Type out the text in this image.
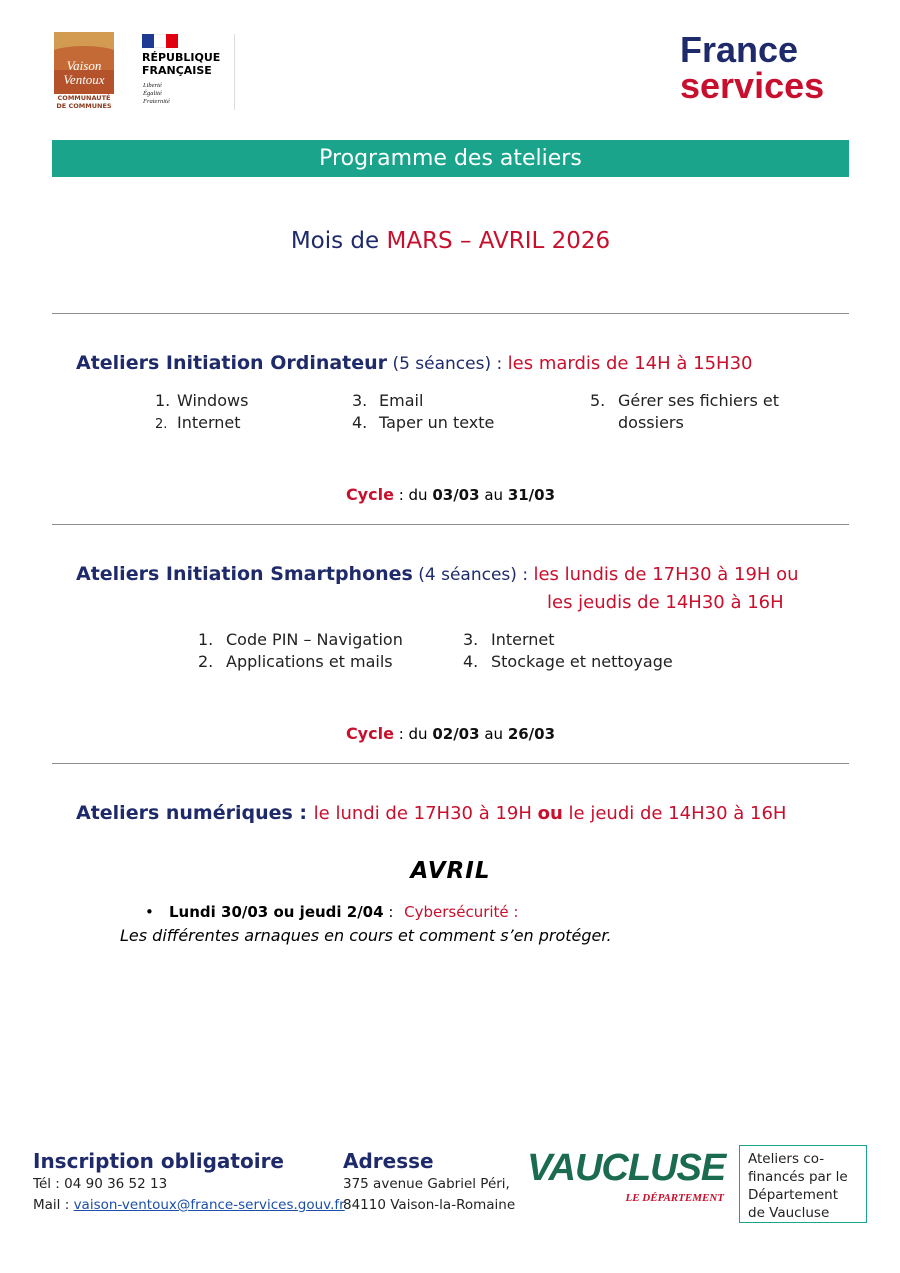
Vaison
Ventoux
COMMUNAUTÉ
DE COMMUNES
RÉPUBLIQUE
FRANÇAISE
Liberté
Égalité
Fraternité
France
services
Programme des ateliers
Mois de MARS – AVRIL 2026
Ateliers Initiation Ordinateur (5 séances) : les mardis de 14H à 15H30
1. Windows
2. Internet
3. Email
4. Taper un texte
5. Gérer ses fichiers et
dossiers
Cycle : du 03/03 au 31/03
Ateliers Initiation Smartphones (4 séances) : les lundis de 17H30 à 19H ou
les jeudis de 14H30 à 16H
1. Code PIN – Navigation
2. Applications et mails
3. Internet
4. Stockage et nettoyage
Cycle : du 02/03 au 26/03
Ateliers numériques : le lundi de 17H30 à 19H ou le jeudi de 14H30 à 16H
AVRIL
• Lundi 30/03 ou jeudi 2/04 : Cybersécurité :
Les différentes arnaques en cours et comment s’en protéger.
Inscription obligatoire
Tél : 04 90 36 52 13
Mail : vaison-ventoux@france-services.gouv.fr
Adresse
375 avenue Gabriel Péri,
84110 Vaison-la-Romaine
VAUCLUSE
LE DÉPARTEMENT
Ateliers co-
financés par le
Département
de Vaucluse
